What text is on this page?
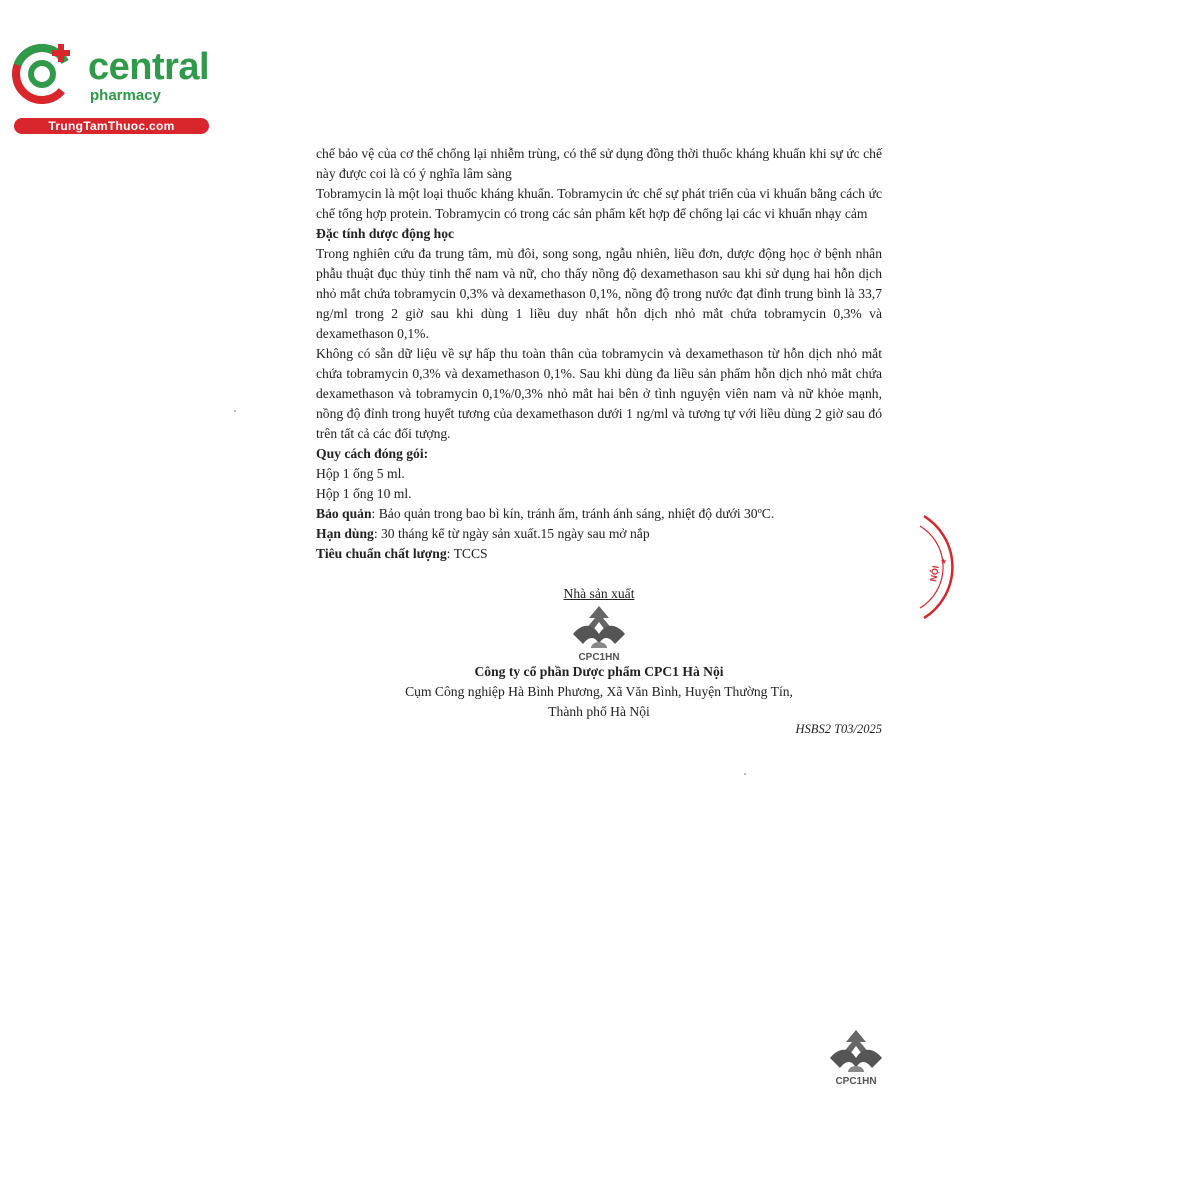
central
pharmacy
TrungTamThuoc.com

chế bảo vệ của cơ thể chống lại nhiễm trùng, có thể sử dụng đồng thời thuốc kháng khuẩn khi sự ức chế này được coi là có ý nghĩa lâm sàng

Tobramycin là một loại thuốc kháng khuẩn. Tobramycin ức chế sự phát triển của vi khuẩn bằng cách ức chế tổng hợp protein. Tobramycin có trong các sản phẩm kết hợp để chống lại các vi khuẩn nhạy cảm

Đặc tính dược động học

Trong nghiên cứu đa trung tâm, mù đôi, song song, ngẫu nhiên, liều đơn, dược động học ở bệnh nhân phẫu thuật đục thủy tinh thể nam và nữ, cho thấy nồng độ dexamethason sau khi sử dụng hai hỗn dịch nhỏ mắt chứa tobramycin 0,3% và dexamethason 0,1%, nồng độ trong nước đạt đỉnh trung bình là 33,7 ng/ml trong 2 giờ sau khi dùng 1 liều duy nhất hỗn dịch nhỏ mắt chứa tobramycin 0,3% và dexamethason 0,1%.

Không có sẵn dữ liệu về sự hấp thu toàn thân của tobramycin và dexamethason từ hỗn dịch nhỏ mắt chứa tobramycin 0,3% và dexamethason 0,1%. Sau khi dùng đa liều sản phẩm hỗn dịch nhỏ mắt chứa dexamethason và tobramycin 0,1%/0,3% nhỏ mắt hai bên ở tình nguyện viên nam và nữ khỏe mạnh, nồng độ đỉnh trong huyết tương của dexamethason dưới 1 ng/ml và tương tự với liều dùng 2 giờ sau đó trên tất cả các đối tượng.

Quy cách đóng gói:

Hộp 1 ống 5 ml.

Hộp 1 ống 10 ml.

Bảo quản: Bảo quản trong bao bì kín, tránh ẩm, tránh ánh sáng, nhiệt độ dưới 30ºC.

Hạn dùng: 30 tháng kể từ ngày sản xuất.15 ngày sau mở nắp

Tiêu chuẩn chất lượng: TCCS

Nhà sản xuất
Công ty cổ phần Dược phẩm CPC1 Hà Nội
Cụm Công nghiệp Hà Bình Phương, Xã Văn Bình, Huyện Thường Tín,
Thành phố Hà Nội
HSBS2 T03/2025
CPC1HN
CPC1HN
NỘI
★
